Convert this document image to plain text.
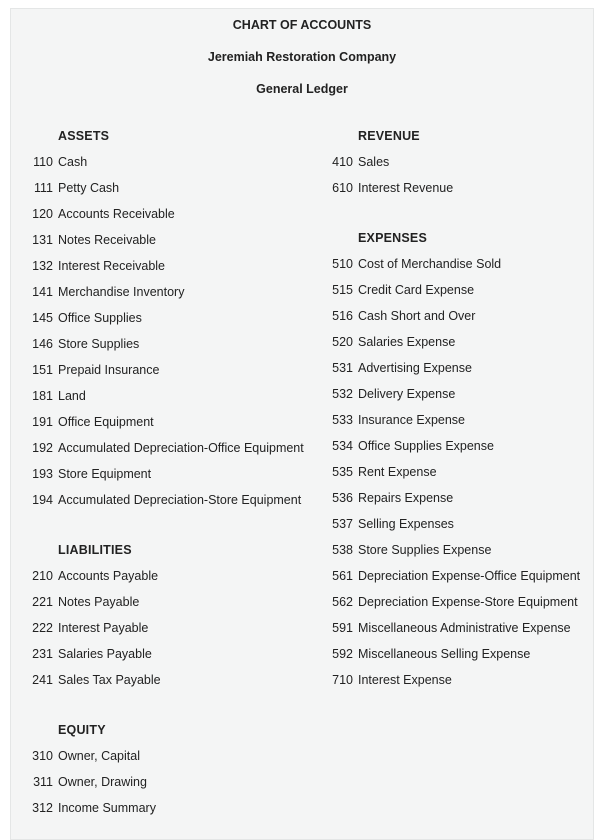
CHART OF ACCOUNTS
Jeremiah Restoration Company
General Ledger
ASSETS
110 Cash
111 Petty Cash
120 Accounts Receivable
131 Notes Receivable
132 Interest Receivable
141 Merchandise Inventory
145 Office Supplies
146 Store Supplies
151 Prepaid Insurance
181 Land
191 Office Equipment
192 Accumulated Depreciation-Office Equipment
193 Store Equipment
194 Accumulated Depreciation-Store Equipment
LIABILITIES
210 Accounts Payable
221 Notes Payable
222 Interest Payable
231 Salaries Payable
241 Sales Tax Payable
EQUITY
310 Owner, Capital
311 Owner, Drawing
312 Income Summary
REVENUE
410 Sales
610 Interest Revenue
EXPENSES
510 Cost of Merchandise Sold
515 Credit Card Expense
516 Cash Short and Over
520 Salaries Expense
531 Advertising Expense
532 Delivery Expense
533 Insurance Expense
534 Office Supplies Expense
535 Rent Expense
536 Repairs Expense
537 Selling Expenses
538 Store Supplies Expense
561 Depreciation Expense-Office Equipment
562 Depreciation Expense-Store Equipment
591 Miscellaneous Administrative Expense
592 Miscellaneous Selling Expense
710 Interest Expense
